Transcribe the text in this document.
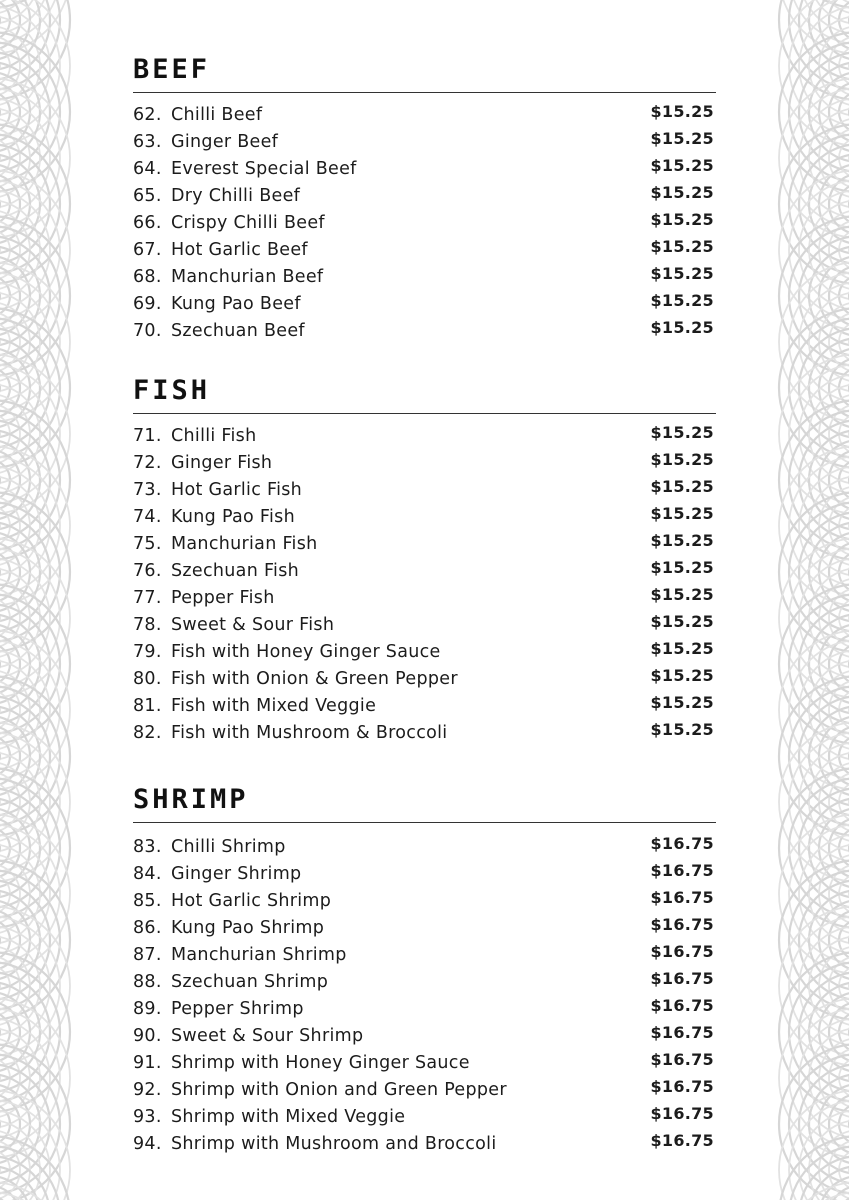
BEEF
62. Chilli Beef	$15.25
63. Ginger Beef	$15.25
64. Everest Special Beef	$15.25
65. Dry Chilli Beef	$15.25
66. Crispy Chilli Beef	$15.25
67. Hot Garlic Beef	$15.25
68. Manchurian Beef	$15.25
69. Kung Pao Beef	$15.25
70. Szechuan Beef	$15.25
FISH
71. Chilli Fish	$15.25
72. Ginger Fish	$15.25
73. Hot Garlic Fish	$15.25
74. Kung Pao Fish	$15.25
75. Manchurian Fish	$15.25
76. Szechuan Fish	$15.25
77. Pepper Fish	$15.25
78. Sweet & Sour Fish	$15.25
79. Fish with Honey Ginger Sauce	$15.25
80. Fish with Onion & Green Pepper	$15.25
81. Fish with Mixed Veggie	$15.25
82. Fish with Mushroom & Broccoli	$15.25
SHRIMP
83. Chilli Shrimp	$16.75
84. Ginger Shrimp	$16.75
85. Hot Garlic Shrimp	$16.75
86. Kung Pao Shrimp	$16.75
87. Manchurian Shrimp	$16.75
88. Szechuan Shrimp	$16.75
89. Pepper Shrimp	$16.75
90. Sweet & Sour Shrimp	$16.75
91. Shrimp with Honey Ginger Sauce	$16.75
92. Shrimp with Onion and Green Pepper	$16.75
93. Shrimp with Mixed Veggie	$16.75
94. Shrimp with Mushroom and Broccoli	$16.75
